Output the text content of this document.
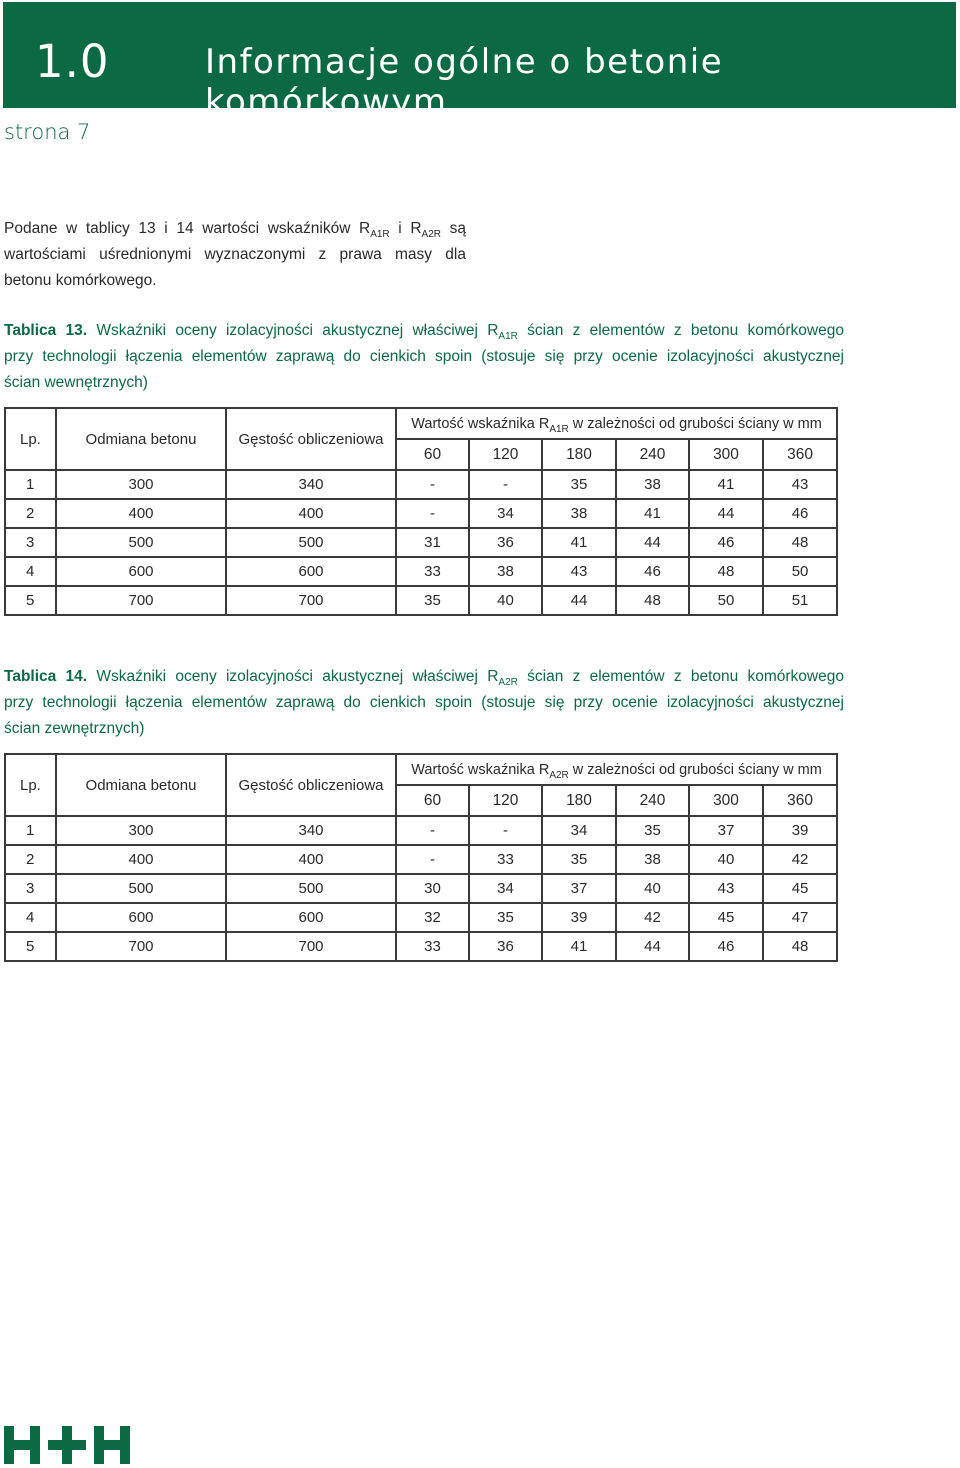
1.0	Informacje ogólne o betonie komórkowym
strona 7
Podane w tablicy 13 i 14 wartości wskaźników $R_{A1R}$ i $R_{A2R}$ są
wartościami uśrednionymi wyznaczonymi z prawa masy dla
betonu komórkowego.
Tablica 13. Wskaźniki oceny izolacyjności akustycznej właściwej $R_{A1R}$ ścian z elementów z betonu komórkowego
przy technologii łączenia elementów zaprawą do cienkich spoin (stosuje się przy ocenie izolacyjności akustycznej
ścian wewnętrznych)
Lp.	Odmiana betonu	Gęstość obliczeniowa	Wartość wskaźnika $R_{A1R}$ w zależności od grubości ściany w mm					
			60	120	180	240	300	360
1	300	340	-	-	35	38	41	43
2	400	400	-	34	38	41	44	46
3	500	500	31	36	41	44	46	48
4	600	600	33	38	43	46	48	50
5	700	700	35	40	44	48	50	51
Tablica 14. Wskaźniki oceny izolacyjności akustycznej właściwej $R_{A2R}$ ścian z elementów z betonu komórkowego
przy technologii łączenia elementów zaprawą do cienkich spoin (stosuje się przy ocenie izolacyjności akustycznej
ścian zewnętrznych)
Lp.	Odmiana betonu	Gęstość obliczeniowa	Wartość wskaźnika $R_{A2R}$ w zależności od grubości ściany w mm					
			60	120	180	240	300	360
1	300	340	-	-	34	35	37	39
2	400	400	-	33	35	38	40	42
3	500	500	30	34	37	40	43	45
4	600	600	32	35	39	42	45	47
5	700	700	33	36	41	44	46	48
